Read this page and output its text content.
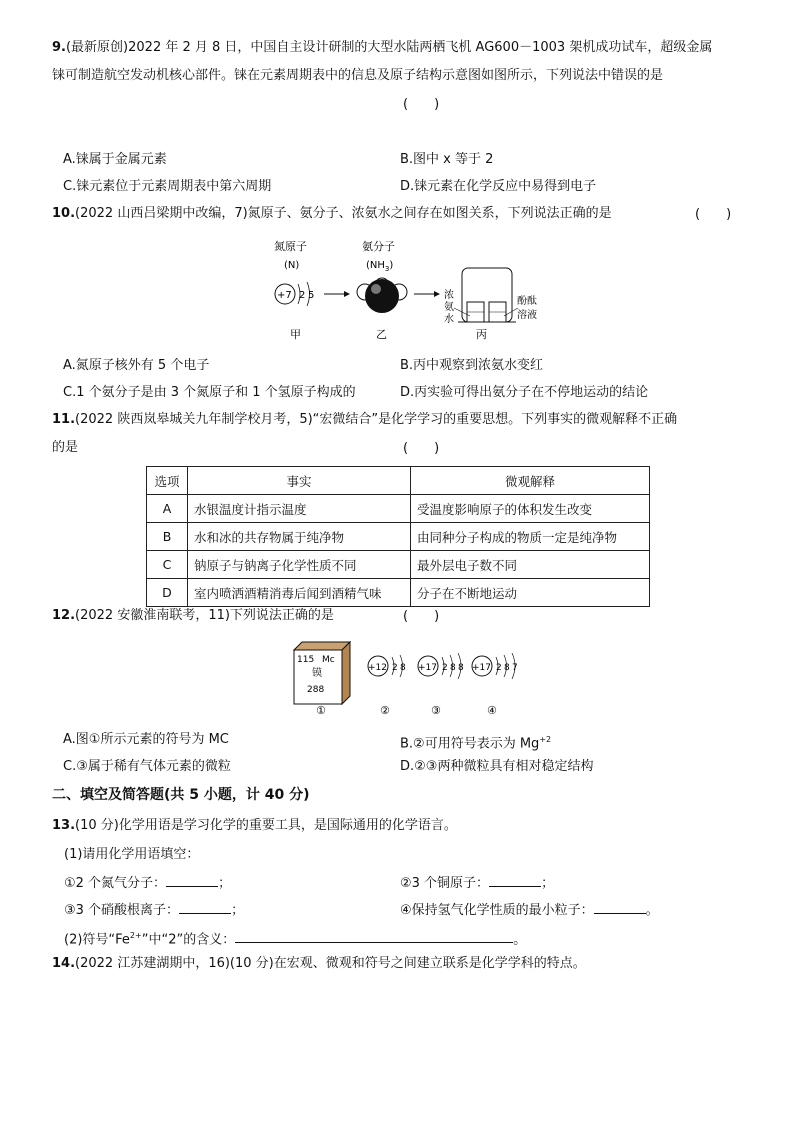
9.(最新原创)2022 年 2 月 8 日，中国自主设计研制的大型水陆两栖飞机 AG600－1003 架机成功试车，超级金属
铼可制造航空发动机核心部件。铼在元素周期表中的信息及原子结构示意图如图所示，下列说法中错误的是
(　　)
A.铼属于金属元素	B.图中 x 等于 2
C.铼元素位于元素周期表中第六周期	D.铼元素在化学反应中易得到电子
10.(2022 山西吕梁期中改编，7)氮原子、氨分子、浓氨水之间存在如图关系，下列说法正确的是	(　　)
氮原子
(N)
+7 2 5
氨分子
$(NH_3)$
浓
氨
水
酚酞
溶液
甲	乙	丙
A.氮原子核外有 5 个电子	B.丙中观察到浓氨水变红
C.1 个氨分子是由 3 个氮原子和 1 个氢原子构成的	D.丙实验可得出氨分子在不停地运动的结论
11.(2022 陕西岚皋城关九年制学校月考，5)“宏微结合”是化学学习的重要思想。下列事实的微观解释不正确
的是	(　　)
选项	事实	微观解释
A	水银温度计指示温度	受温度影响原子的体积发生改变
B	水和冰的共存物属于纯净物	由同种分子构成的物质一定是纯净物
C	钠原子与钠离子化学性质不同	最外层电子数不同
D	室内喷洒酒精消毒后闻到酒精气味	分子在不断地运动
12.(2022 安徽淮南联考，11)下列说法正确的是	(　　)
115 Mc
镆
288
+12 2 8 +17 2 8 8 +17 2 8 7
①	②	③	④
A.图①所示元素的符号为 MC	B.②可用符号表示为 $Mg^{+2}$
C.③属于稀有气体元素的微粒	D.②③两种微粒具有相对稳定结构
二、填空及简答题(共 5 小题，计 40 分)
13.(10 分)化学用语是学习化学的重要工具，是国际通用的化学语言。
(1)请用化学用语填空：
①2 个氮气分子：	；	②3 个铜原子：	；
③3 个硝酸根离子：	；	④保持氢气化学性质的最小粒子：	。
(2)符号“$Fe^{2+}$”中“2”的含义：	。
14.(2022 江苏建湖期中，16)(10 分)在宏观、微观和符号之间建立联系是化学学科的特点。
